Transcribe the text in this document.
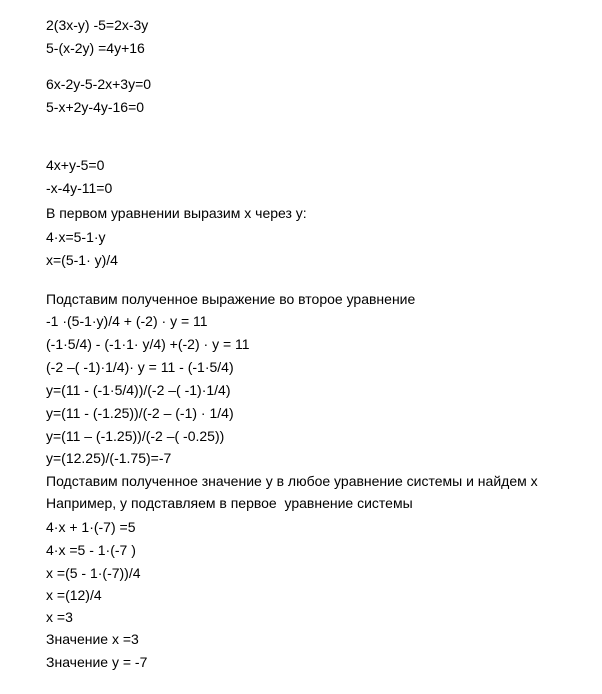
2(3x-y) -5=2x-3y
5-(x-2y) =4y+16
6x-2y-5-2x+3y=0
5-x+2y-4y-16=0
4x+y-5=0
-x-4y-11=0
В первом уравнении выразим x через y:
4·x=5-1·y
x=(5-1· y)/4
Подставим полученное выражение во второе уравнение
-1 ·(5-1·y)/4 + (-2) · y = 11
(-1·5/4) - (-1·1· y/4) +(-2) · y = 11
(-2 –( -1)·1/4)· y = 11 - (-1·5/4)
y=(11 - (-1·5/4))/(-2 –( -1)·1/4)
y=(11 - (-1.25))/(-2 – (-1) · 1/4)
y=(11 – (-1.25))/(-2 –( -0.25))
y=(12.25)/(-1.75)=-7
Подставим полученное значение y в любое уравнение системы и найдем x
Например, y подставляем в первое  уравнение системы
4·x + 1·(-7) =5
4·x =5 - 1·(-7 )
x =(5 - 1·(-7))/4
x =(12)/4
x =3
Значение x =3
Значение y = -7
